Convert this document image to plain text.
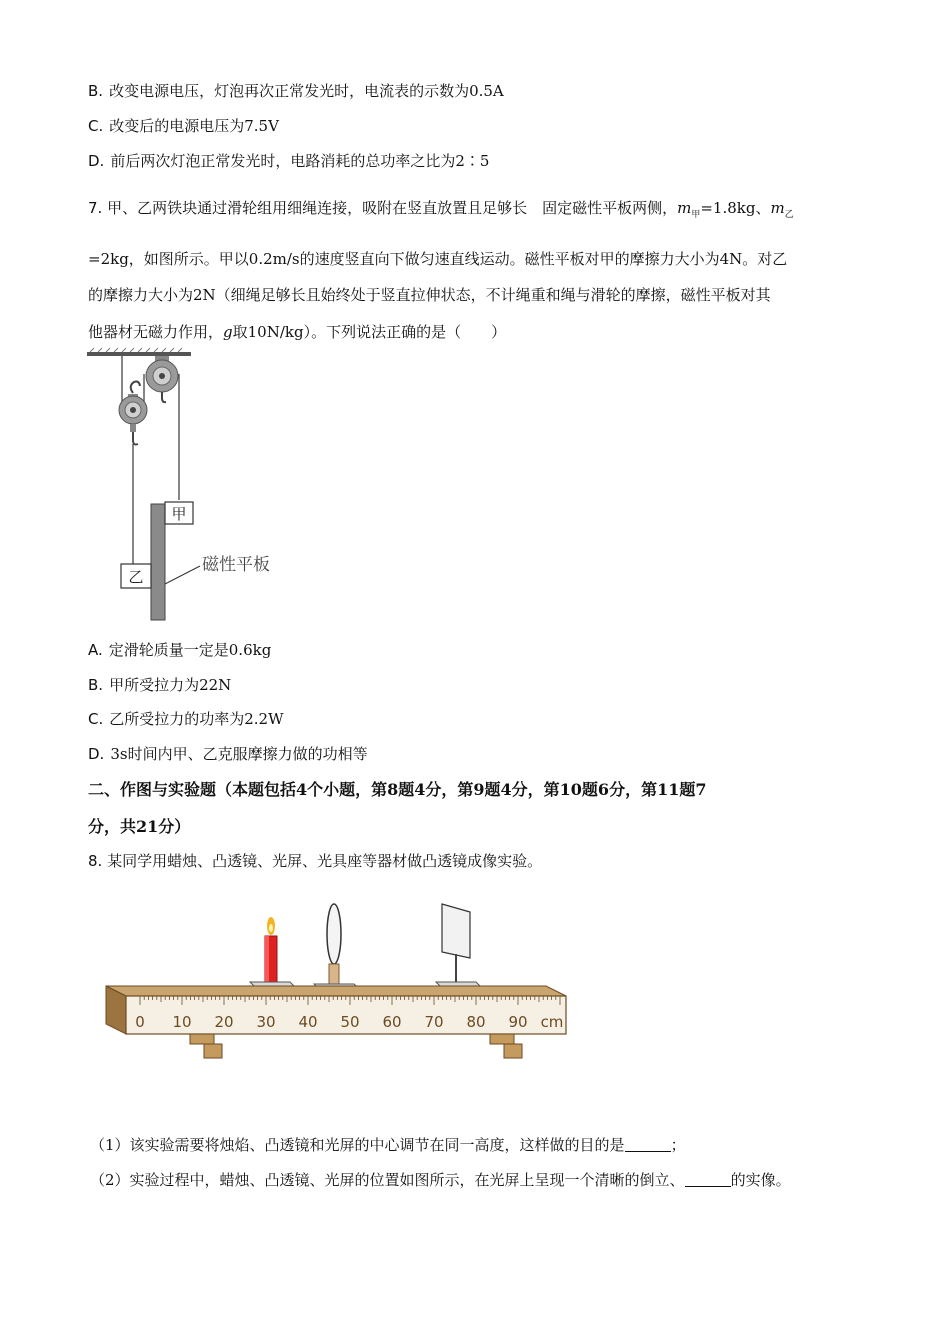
B. 改变电源电压，灯泡再次正常发光时，电流表的示数为0.5A
C. 改变后的电源电压为7.5V
D. 前后两次灯泡正常发光时，电路消耗的总功率之比为2∶5
7. 甲、乙两铁块通过滑轮组用细绳连接，吸附在竖直放置且足够长　固定磁性平板两侧，$m_甲=1.8kg$、$m_乙$
=2kg，如图所示。甲以0.2m/s的速度竖直向下做匀速直线运动。磁性平板对甲的摩擦力大小为4N。对乙
的摩擦力大小为2N（细绳足够长且始终处于竖直拉伸状态，不计绳重和绳与滑轮的摩擦，磁性平板对其
他器材无磁力作用，g取10N/kg）。下列说法正确的是（　　）
甲
乙
磁性平板
A. 定滑轮质量一定是0.6kg
B. 甲所受拉力为22N
C. 乙所受拉力的功率为2.2W
D. 3s时间内甲、乙克服摩擦力做的功相等
二、作图与实验题（本题包括4个小题，第8题4分，第9题4分，第10题6分，第11题7
分，共21分）
8. 某同学用蜡烛、凸透镜、光屏、光具座等器材做凸透镜成像实验。
0 10 20 30 40 50 60 70 80 90 cm
（1）该实验需要将烛焰、凸透镜和光屏的中心调节在同一高度，这样做的目的是	；
（2）实验过程中，蜡烛、凸透镜、光屏的位置如图所示，在光屏上呈现一个清晰的倒立、	的实像。
